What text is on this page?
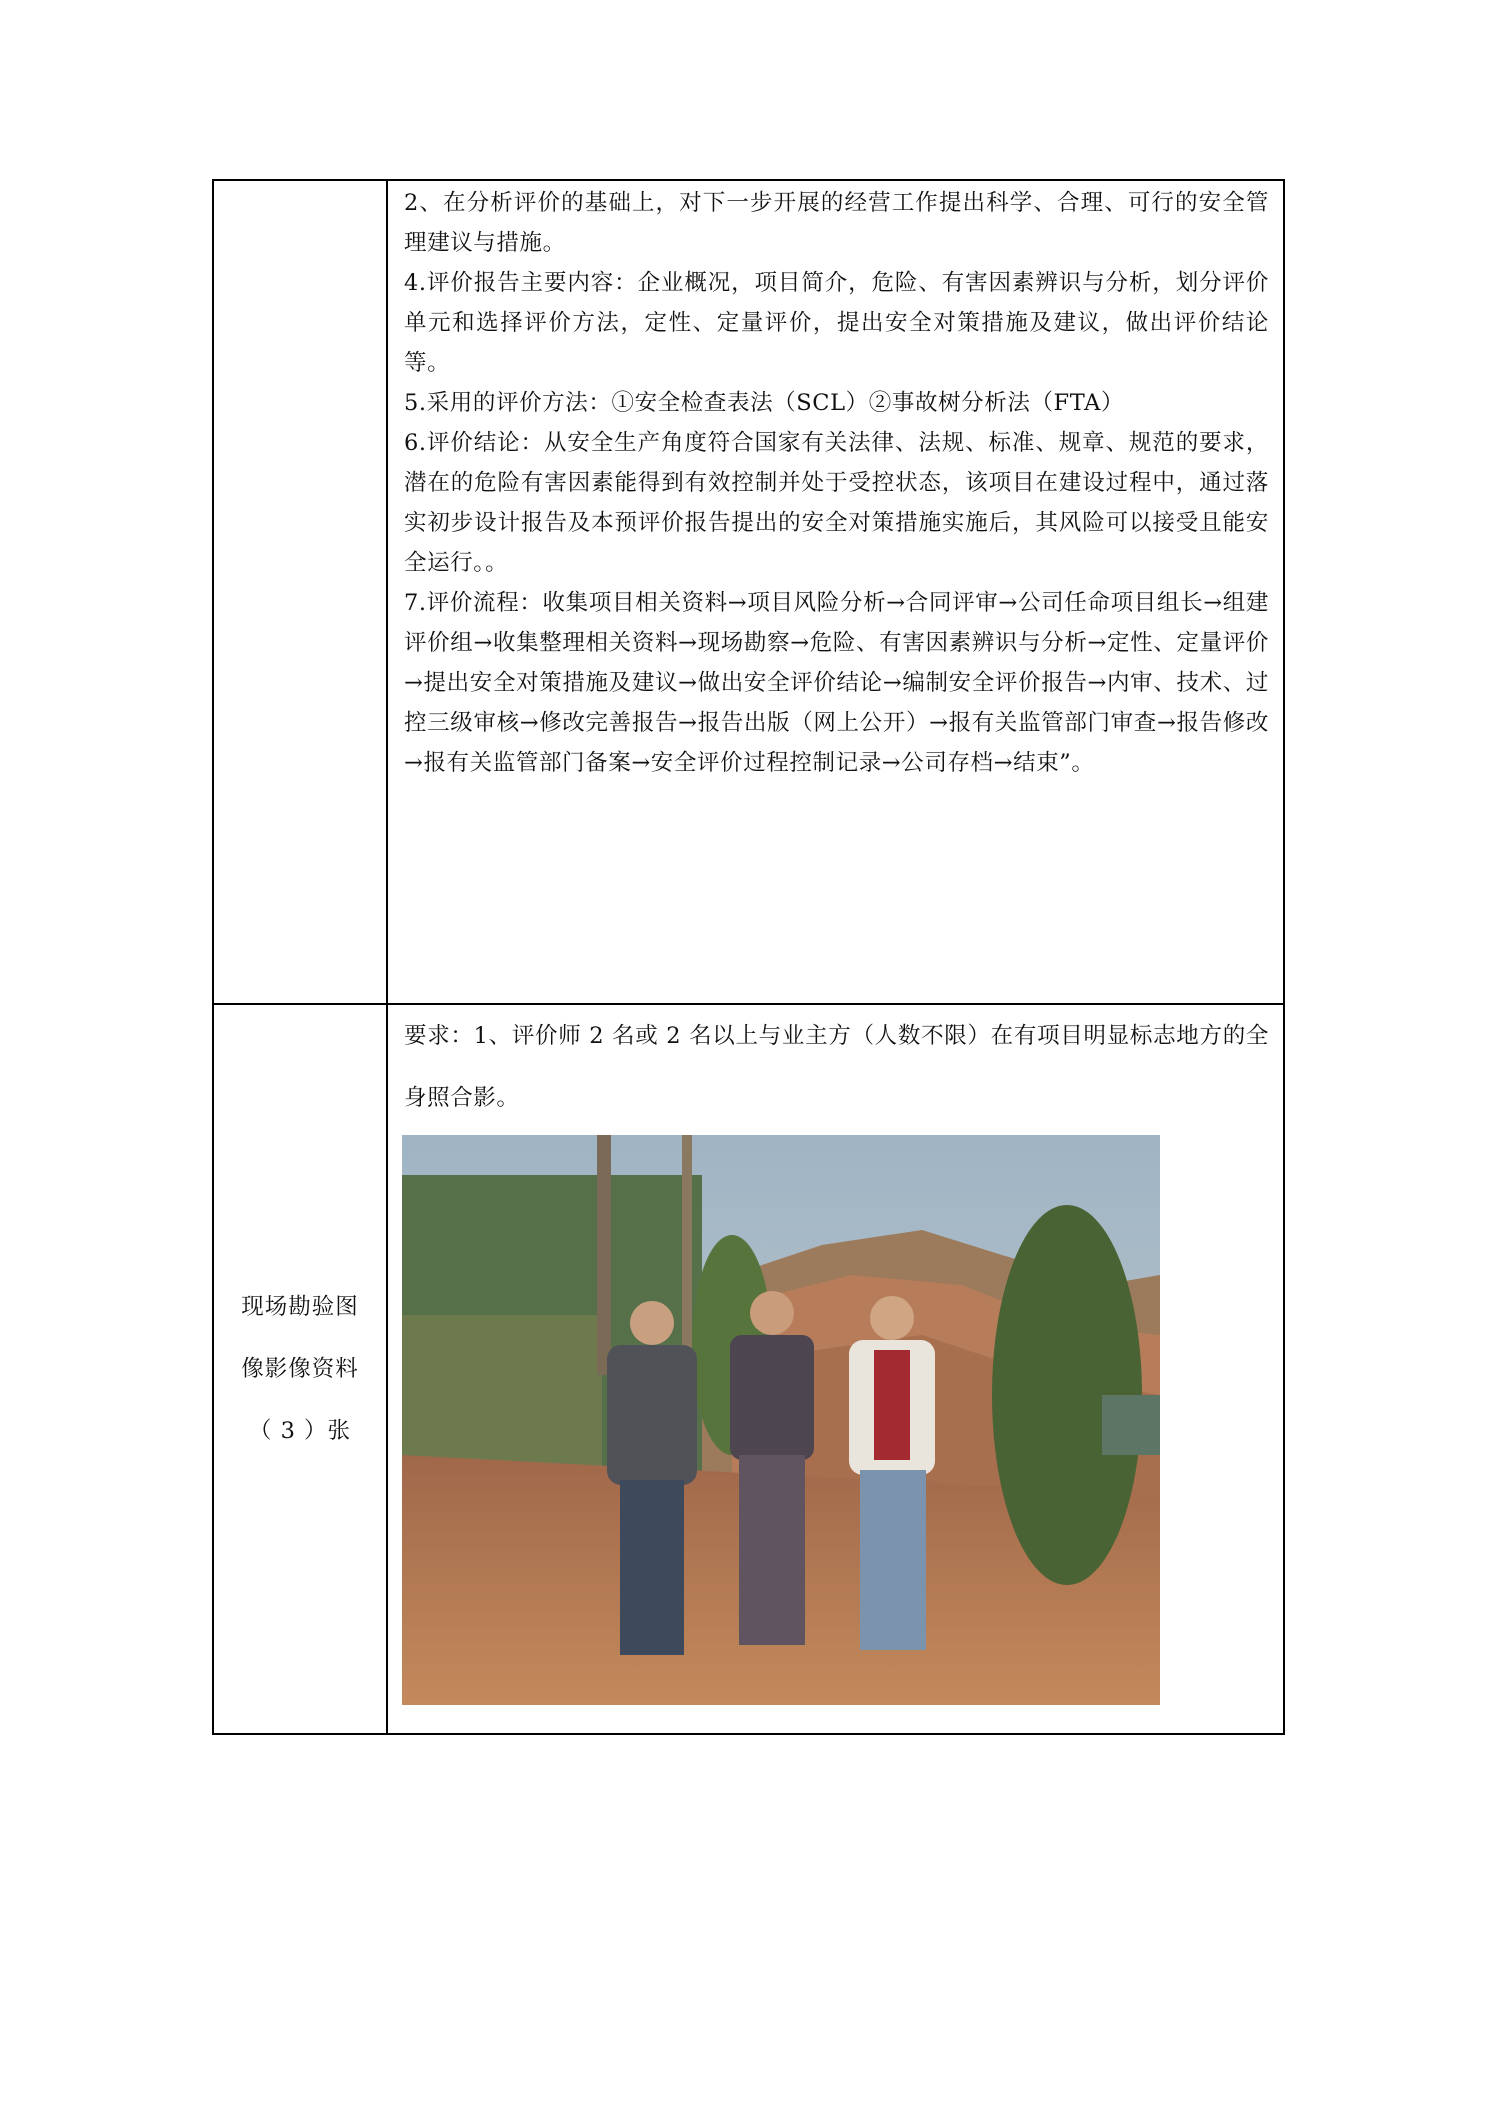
	2、在分析评价的基础上，对下一步开展的经营工作提出科学、合理、可行的安全管理建议与措施。

4.评价报告主要内容：企业概况，项目简介，危险、有害因素辨识与分析，划分评价单元和选择评价方法，定性、定量评价，提出安全对策措施及建议，做出评价结论等。

5.采用的评价方法：①安全检查表法（SCL）②事故树分析法（FTA）

6.评价结论：从安全生产角度符合国家有关法律、法规、标准、规章、规范的要求，潜在的危险有害因素能得到有效控制并处于受控状态，该项目在建设过程中，通过落实初步设计报告及本预评价报告提出的安全对策措施实施后，其风险可以接受且能安全运行。。

7.评价流程：收集项目相关资料→项目风险分析→合同评审→公司任命项目组长→组建评价组→收集整理相关资料→现场勘察→危险、有害因素辨识与分析→定性、定量评价→提出安全对策措施及建议→做出安全评价结论→编制安全评价报告→内审、技术、过控三级审核→修改完善报告→报告出版（网上公开）→报有关监管部门审查→报告修改→报有关监管部门备案→安全评价过程控制记录→公司存档→结束”。

现场勘验图
像影像资料
（ 3 ）张	要求：1、评价师 2 名或 2 名以上与业主方（人数不限）在有项目明显标志地方的全身照合影。
